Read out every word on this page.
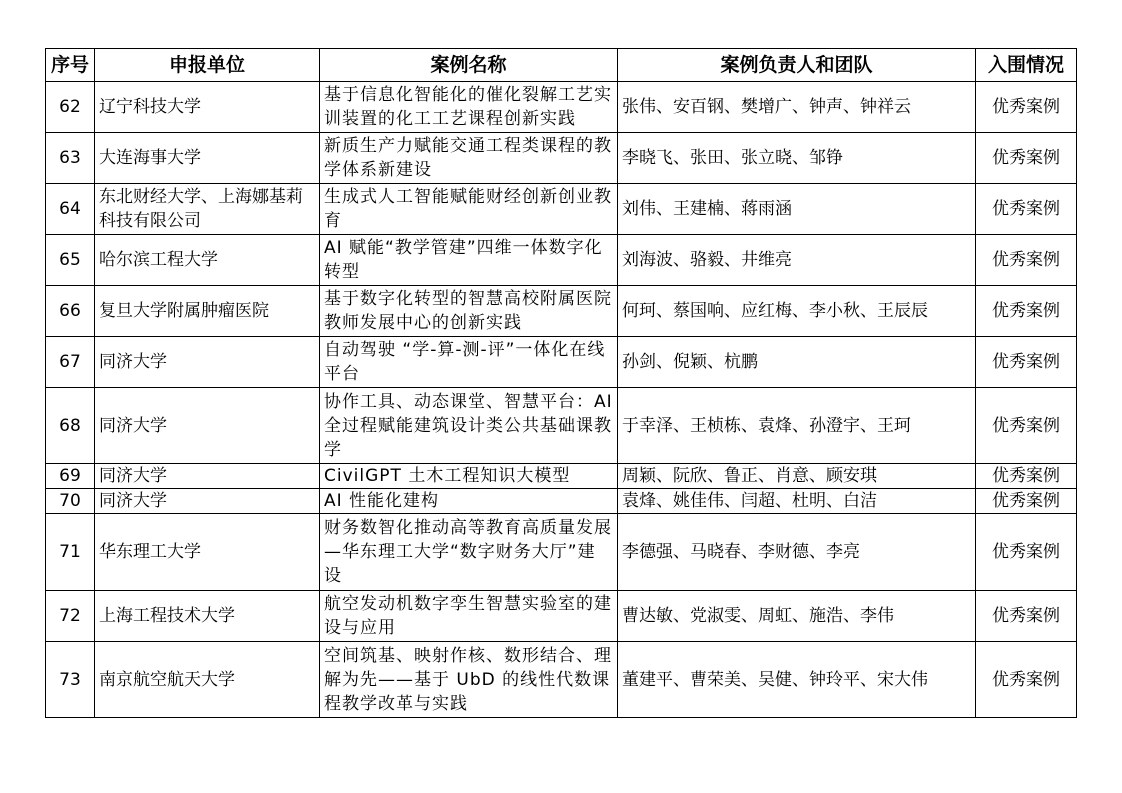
序号	申报单位	案例名称	案例负责人和团队	入围情况
62	辽宁科技大学	基于信息化智能化的催化裂解工艺实训装置的化工工艺课程创新实践	张伟、安百钢、樊增广、钟声、钟祥云	优秀案例
63	大连海事大学	新质生产力赋能交通工程类课程的教学体系新建设	李晓飞、张田、张立晓、邹铮	优秀案例
64	东北财经大学、上海娜基莉科技有限公司	生成式人工智能赋能财经创新创业教育	刘伟、王建楠、蒋雨涵	优秀案例
65	哈尔滨工程大学	AI 赋能“教学管建”四维一体数字化转型	刘海波、骆毅、井维亮	优秀案例
66	复旦大学附属肿瘤医院	基于数字化转型的智慧高校附属医院教师发展中心的创新实践	何珂、蔡国响、应红梅、李小秋、王辰辰	优秀案例
67	同济大学	自动驾驶 “学-算-测-评”一体化在线平台	孙剑、倪颖、杭鹏	优秀案例
68	同济大学	协作工具、动态课堂、智慧平台：AI全过程赋能建筑设计类公共基础课教学	于幸泽、王桢栋、袁烽、孙澄宇、王珂	优秀案例
69	同济大学	CivilGPT 土木工程知识大模型	周颖、阮欣、鲁正、肖意、顾安琪	优秀案例
70	同济大学	AI 性能化建构	袁烽、姚佳伟、闫超、杜明、白洁	优秀案例
71	华东理工大学	财务数智化推动高等教育高质量发展—华东理工大学“数字财务大厅”建设	李德强、马晓春、李财德、李亮	优秀案例
72	上海工程技术大学	航空发动机数字孪生智慧实验室的建设与应用	曹达敏、党淑雯、周虹、施浩、李伟	优秀案例
73	南京航空航天大学	空间筑基、映射作核、数形结合、理解为先——基于 UbD 的线性代数课程教学改革与实践	董建平、曹荣美、吴健、钟玲平、宋大伟	优秀案例
